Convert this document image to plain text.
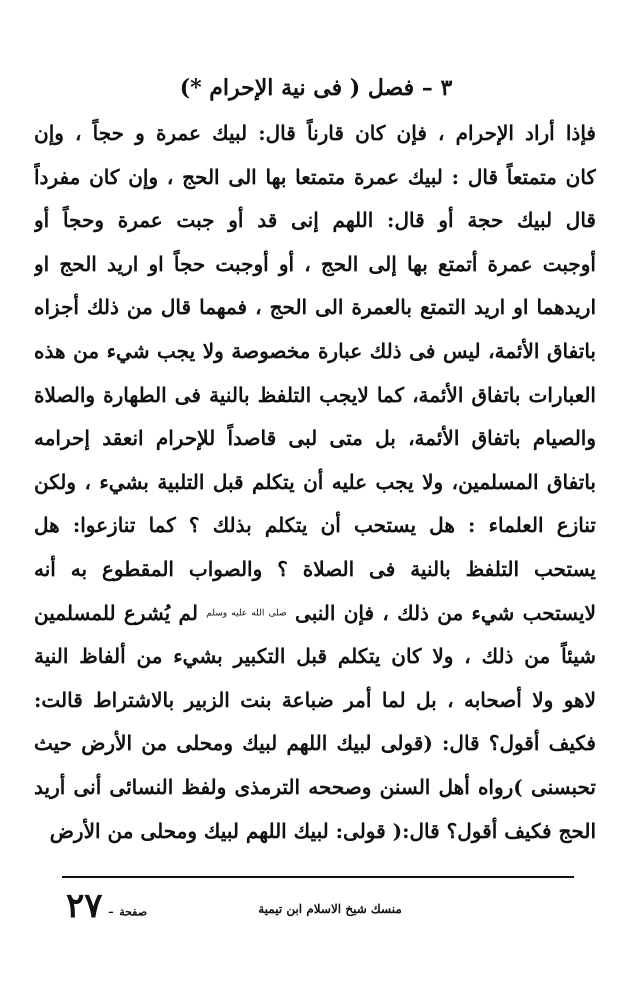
٣ – فصل ( فى نية الإحرام *)
فإذا أراد الإحرام ، فإن كان قارناً قال: لبيك عمرة و حجاً ، وإن
كان متمتعاً قال : لبيك عمرة متمتعا بها الى الحج ، وإن كان مفرداً
قال لبيك حجة أو قال: اللهم إنى قد أو جبت عمرة وحجاً أو
أوجبت عمرة أتمتع بها إلى الحج ، أو أوجبت حجاً او اريد الحج او
اريدهما او اريد التمتع بالعمرة الى الحج ، فمهما قال من ذلك أجزاه
باتفاق الأئمة، ليس فى ذلك عبارة مخصوصة ولا يجب شيء من هذه
العبارات باتفاق الأئمة، كما لايجب التلفظ بالنية فى الطهارة والصلاة
والصيام باتفاق الأئمة، بل متى لبى قاصداً للإحرام انعقد إحرامه
باتفاق المسلمين، ولا يجب عليه أن يتكلم قبل التلبية بشيء ، ولكن
تنازع العلماء : هل يستحب أن يتكلم بذلك ؟ كما تنازعوا: هل
يستحب التلفظ بالنية فى الصلاة ؟ والصواب المقطوع به أنه
لايستحب شيء من ذلك ، فإن النبى صلى الله عليه وسلم لم يُشرع للمسلمين
شيئاً من ذلك ، ولا كان يتكلم قبل التكبير بشيء من ألفاظ النية
لاهو ولا أصحابه ، بل لما أمر ضباعة بنت الزبير بالاشتراط قالت:
فكيف أقول؟ قال: (قولى لبيك اللهم لبيك ومحلى من الأرض حيث
تحبسنى )رواه أهل السنن وصححه الترمذى ولفظ النسائى أنى أريد
الحج فكيف أقول؟ قال:( قولى: لبيك اللهم لبيك ومحلى من الأرض
منسك شيخ الاسلام ابن تيمية
صفحة – ٢٧
